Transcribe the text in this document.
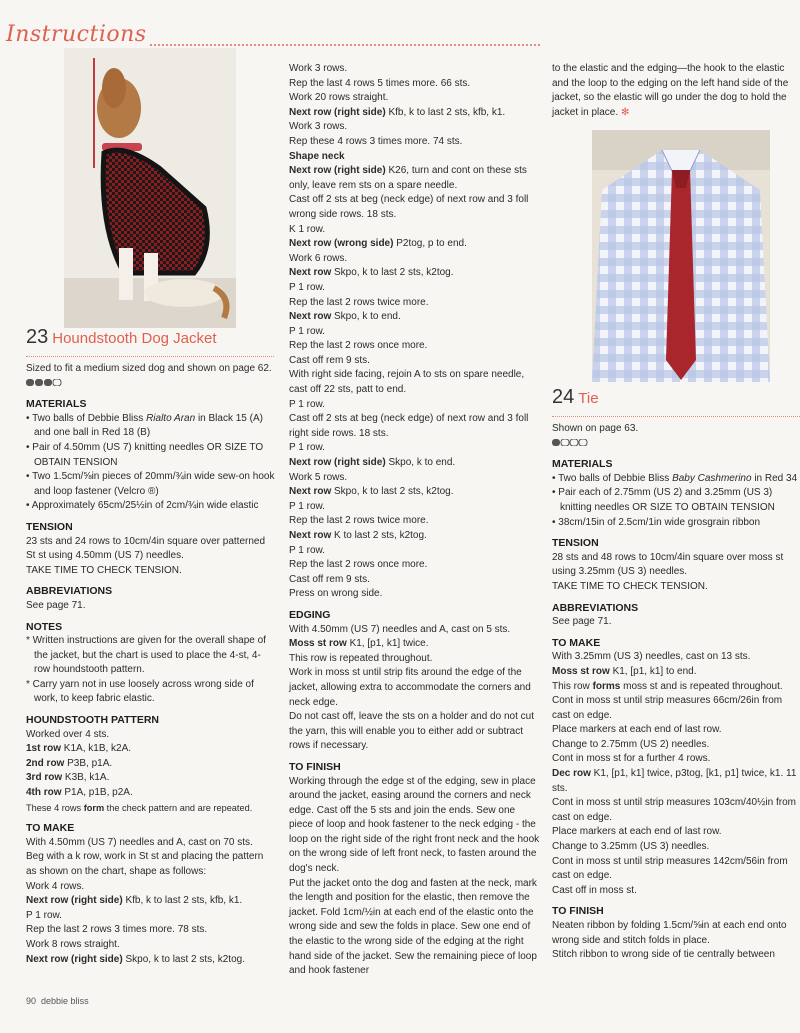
Instructions
23 Houndstooth Dog Jacket

Sized to fit a medium sized dog and shown on page 62.

MATERIALS

• Two balls of Debbie Bliss Rialto Aran in Black 15 (A) and one ball in Red 18 (B)

• Pair of 4.50mm (US 7) knitting needles OR SIZE TO OBTAIN TENSION

• Two 1.5cm/⅝in pieces of 20mm/¾in wide sew-on hook and loop fastener (Velcro ®)

• Approximately 65cm/25½in of 2cm/¾in wide elastic

TENSION

23 sts and 24 rows to 10cm/4in square over patterned St st using 4.50mm (US 7) needles.

TAKE TIME TO CHECK TENSION.

ABBREVIATIONS

See page 71.

NOTES

* Written instructions are given for the overall shape of the jacket, but the chart is used to place the 4-st, 4-row houndstooth pattern.

* Carry yarn not in use loosely across wrong side of work, to keep fabric elastic.

HOUNDSTOOTH PATTERN

Worked over 4 sts.

1st row K1A, k1B, k2A.

2nd row P3B, p1A.

3rd row K3B, k1A.

4th row P1A, p1B, p2A.

These 4 rows form the check pattern and are repeated.

TO MAKE

With 4.50mm (US 7) needles and A, cast on 70 sts.

Beg with a k row, work in St st and placing the pattern as shown on the chart, shape as follows:

Work 4 rows.

Next row (right side) Kfb, k to last 2 sts, kfb, k1.

P 1 row.

Rep the last 2 rows 3 times more. 78 sts.

Work 8 rows straight.

Next row (right side) Skpo, k to last 2 sts, k2tog.

Work 3 rows.

Rep the last 4 rows 5 times more. 66 sts.

Work 20 rows straight.

Next row (right side) Kfb, k to last 2 sts, kfb, k1.

Work 3 rows.

Rep these 4 rows 3 times more. 74 sts.

Shape neck

Next row (right side) K26, turn and cont on these sts only, leave rem sts on a spare needle.

Cast off 2 sts at beg (neck edge) of next row and 3 foll wrong side rows. 18 sts.

K 1 row.

Next row (wrong side) P2tog, p to end.

Work 6 rows.

Next row Skpo, k to last 2 sts, k2tog.

P 1 row.

Rep the last 2 rows twice more.

Next row Skpo, k to end.

P 1 row.

Rep the last 2 rows once more.

Cast off rem 9 sts.

With right side facing, rejoin A to sts on spare needle, cast off 22 sts, patt to end.

P 1 row.

Cast off 2 sts at beg (neck edge) of next row and 3 foll right side rows. 18 sts.

P 1 row.

Next row (right side) Skpo, k to end.

Work 5 rows.

Next row Skpo, k to last 2 sts, k2tog.

P 1 row.

Rep the last 2 rows twice more.

Next row K to last 2 sts, k2tog.

P 1 row.

Rep the last 2 rows once more.

Cast off rem 9 sts.

Press on wrong side.

EDGING

With 4.50mm (US 7) needles and A, cast on 5 sts.

Moss st row K1, [p1, k1] twice.

This row is repeated throughout.

Work in moss st until strip fits around the edge of the jacket, allowing extra to accommodate the corners and neck edge.

Do not cast off, leave the sts on a holder and do not cut the yarn, this will enable you to either add or subtract rows if necessary.

TO FINISH

Working through the edge st of the edging, sew in place around the jacket, easing around the corners and neck edge. Cast off the 5 sts and join the ends. Sew one piece of loop and hook fastener to the neck edging - the loop on the right side of the right front neck and the hook on the wrong side of left front neck, to fasten around the dog's neck.

Put the jacket onto the dog and fasten at the neck, mark the length and position for the elastic, then remove the jacket. Fold 1cm/½in at each end of the elastic onto the wrong side and sew the folds in place. Sew one end of the elastic to the wrong side of the edging at the right hand side of the jacket. Sew the remaining piece of loop and hook fastener

to the elastic and the edging—the hook to the elastic and the loop to the edging on the left hand side of the jacket, so the elastic will go under the dog to hold the jacket in place. ✻

24 Tie

Shown on page 63.

MATERIALS

• Two balls of Debbie Bliss Baby Cashmerino in Red 34

• Pair each of 2.75mm (US 2) and 3.25mm (US 3) knitting needles OR SIZE TO OBTAIN TENSION

• 38cm/15in of 2.5cm/1in wide grosgrain ribbon

TENSION

28 sts and 48 rows to 10cm/4in square over moss st using 3.25mm (US 3) needles.

TAKE TIME TO CHECK TENSION.

ABBREVIATIONS

See page 71.

TO MAKE

With 3.25mm (US 3) needles, cast on 13 sts.

Moss st row K1, [p1, k1] to end.

This row forms moss st and is repeated throughout.

Cont in moss st until strip measures 66cm/26in from cast on edge.

Place markers at each end of last row.

Change to 2.75mm (US 2) needles.

Cont in moss st for a further 4 rows.

Dec row K1, [p1, k1] twice, p3tog, [k1, p1] twice, k1. 11 sts.

Cont in moss st until strip measures 103cm/40½in from cast on edge.

Place markers at each end of last row.

Change to 3.25mm (US 3) needles.

Cont in moss st until strip measures 142cm/56in from cast on edge.

Cast off in moss st.

TO FINISH

Neaten ribbon by folding 1.5cm/⅝in at each end onto wrong side and stitch folds in place.

Stitch ribbon to wrong side of tie centrally between

90 debbie bliss
